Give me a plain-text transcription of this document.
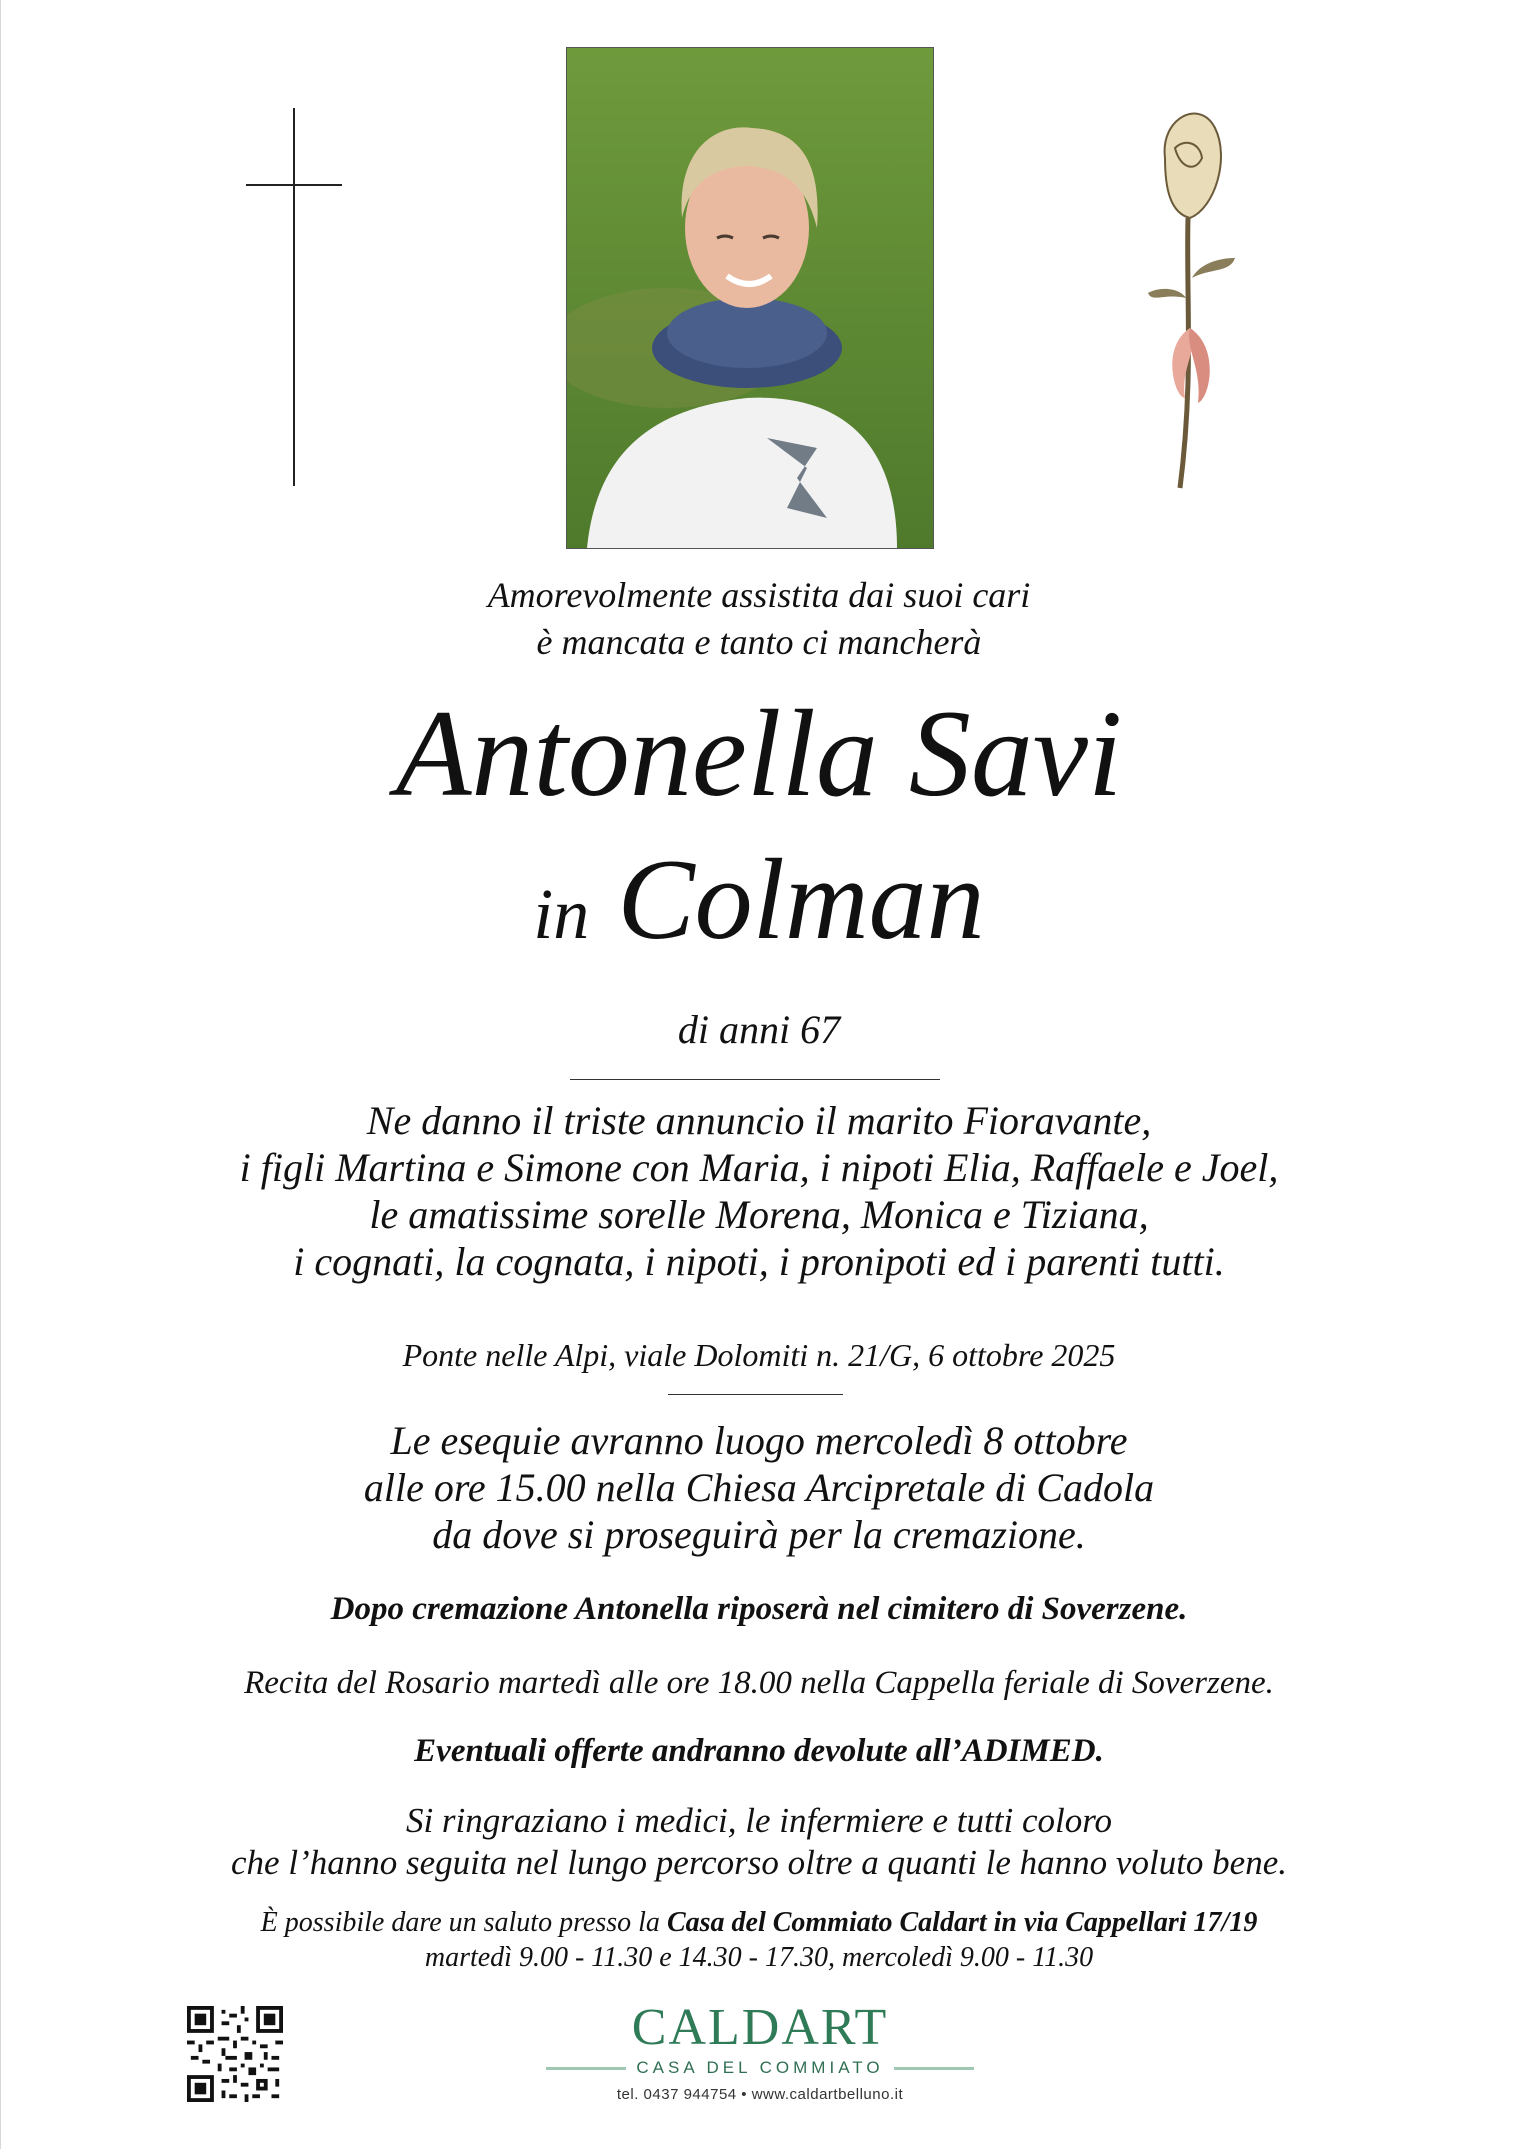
Amorevolmente assistita dai suoi cari
è mancata e tanto ci mancherà
Antonella Savi
in Colman
di anni 67
Ne danno il triste annuncio il marito Fioravante,
i figli Martina e Simone con Maria, i nipoti Elia, Raffaele e Joel,
le amatissime sorelle Morena, Monica e Tiziana,
i cognati, la cognata, i nipoti, i pronipoti ed i parenti tutti.
Ponte nelle Alpi, viale Dolomiti n. 21/G, 6 ottobre 2025
Le esequie avranno luogo mercoledì 8 ottobre
alle ore 15.00 nella Chiesa Arcipretale di Cadola
da dove si proseguirà per la cremazione.
Dopo cremazione Antonella riposerà nel cimitero di Soverzene.
Recita del Rosario martedì alle ore 18.00 nella Cappella feriale di Soverzene.
Eventuali offerte andranno devolute all’ADIMED.
Si ringraziano i medici, le infermiere e tutti coloro
che l’hanno seguita nel lungo percorso oltre a quanti le hanno voluto bene.
È possibile dare un saluto presso la Casa del Commiato Caldart in via Cappellari 17/19
martedì 9.00 - 11.30 e 14.30 - 17.30, mercoledì 9.00 - 11.30
CALDART
CASA DEL COMMIATO
tel. 0437 944754 • www.caldartbelluno.it
